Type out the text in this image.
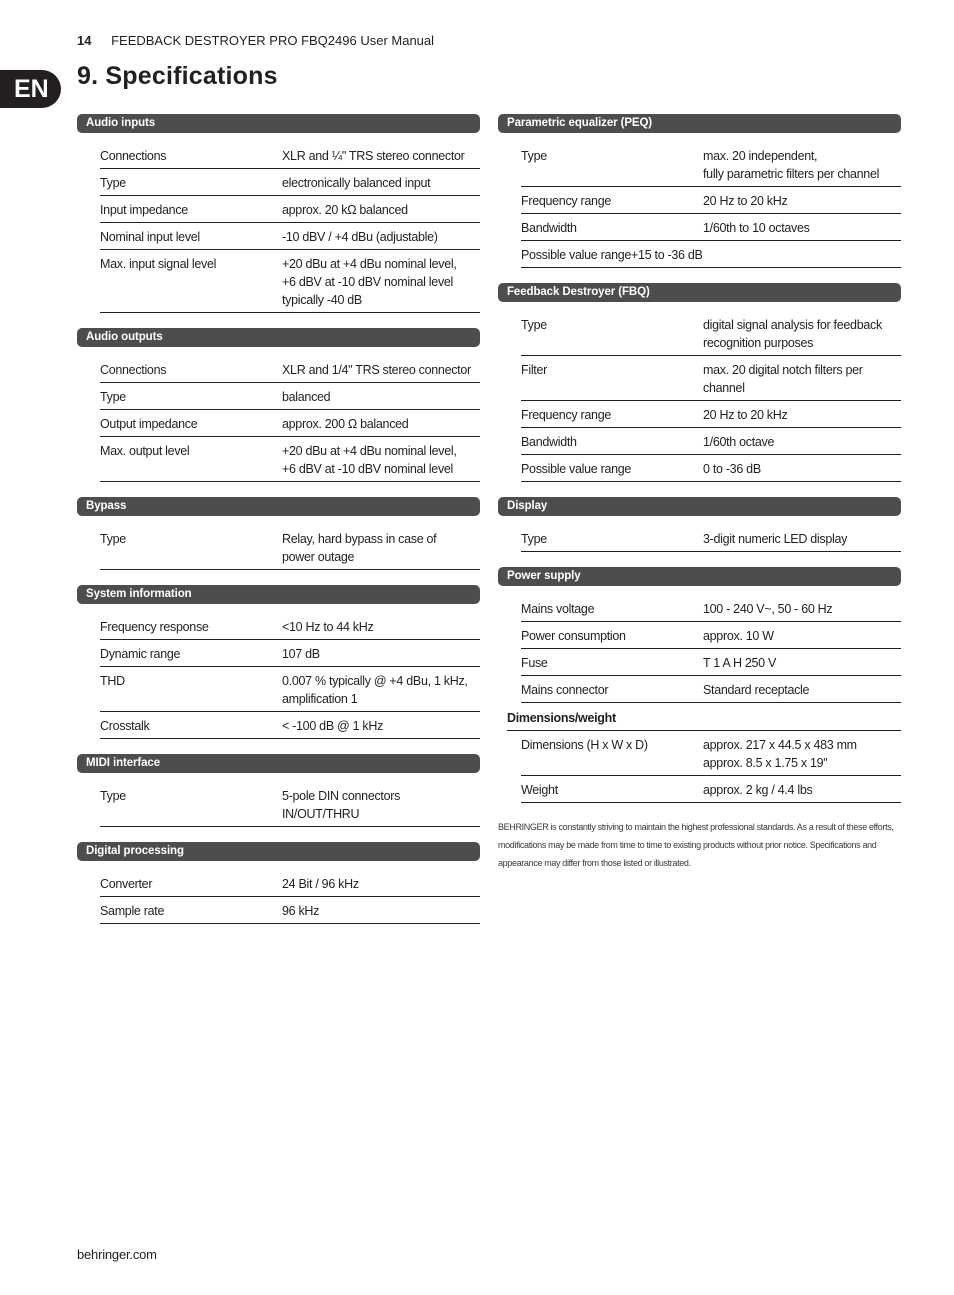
14 FEEDBACK DESTROYER PRO FBQ2496 User Manual
EN	9. Specifications
Audio inputs
Connections	XLR and ¼" TRS stereo connector
Type	electronically balanced input
Input impedance	approx. 20 kΩ balanced
Nominal input level	-10 dBV / +4 dBu (adjustable)
Max. input signal level	+20 dBu at +4 dBu nominal level,
+6 dBV at -10 dBV nominal level
typically -40 dB
Audio outputs
Connections	XLR and 1/4" TRS stereo connector
Type	balanced
Output impedance	approx. 200 Ω balanced
Max. output level	+20 dBu at +4 dBu nominal level,
+6 dBV at -10 dBV nominal level
Bypass
Type	Relay, hard bypass in case of
power outage
System information
Frequency response	<10 Hz to 44 kHz
Dynamic range	107 dB
THD	0.007 % typically @ +4 dBu, 1 kHz,
amplification 1
Crosstalk	< -100 dB @ 1 kHz
MIDI interface
Type	5-pole DIN connectors IN/OUT/THRU
Digital processing
Converter	24 Bit / 96 kHz
Sample rate	96 kHz
Parametric equalizer (PEQ)
Type	max. 20 independent,
fully parametric filters per channel
Frequency range	20 Hz to 20 kHz
Bandwidth	1/60th to 10 octaves
Possible value range+15 to -36 dB
Feedback Destroyer (FBQ)
Type	digital signal analysis for feedback
recognition purposes
Filter	max. 20 digital notch filters per channel
Frequency range	20 Hz to 20 kHz
Bandwidth	1/60th octave
Possible value range	0 to -36 dB
Display
Type	3-digit numeric LED display
Power supply
Mains voltage	100 - 240 V~, 50 - 60 Hz
Power consumption	approx. 10 W
Fuse	T 1 A H 250 V
Mains connector	Standard receptacle
Dimensions/weight
Dimensions (H x W x D)	approx. 217 x 44.5 x 483 mm
approx. 8.5 x 1.75 x 19"
Weight	approx. 2 kg / 4.4 lbs
BEHRINGER is constantly striving to maintain the highest professional standards. As a result of these efforts, modifications may be made from time to time to existing products without prior notice. Specifications and appearance may differ from those listed or illustrated.
behringer.com
